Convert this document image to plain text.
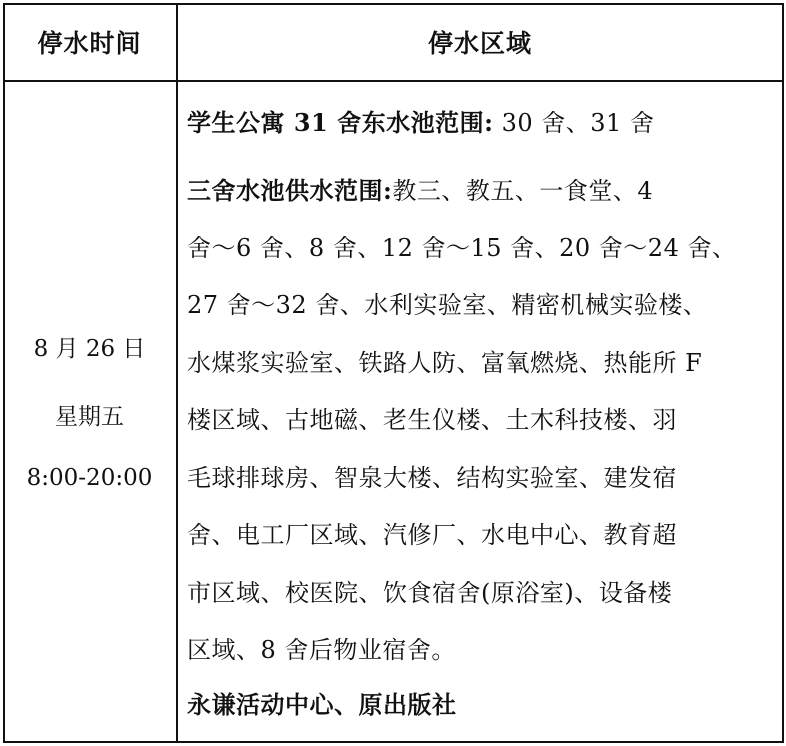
停水时间	停水区域
8 月 26 日
星期五
8:00-20:00
学生公寓 31 舍东水池范围: 30 舍、31 舍
三舍水池供水范围:教三、教五、一食堂、4
舍～6 舍、8 舍、12 舍～15 舍、20 舍～24 舍、
27 舍～32 舍、水利实验室、精密机械实验楼、
水煤浆实验室、铁路人防、富氧燃烧、热能所 F
楼区域、古地磁、老生仪楼、土木科技楼、羽
毛球排球房、智泉大楼、结构实验室、建发宿
舍、电工厂区域、汽修厂、水电中心、教育超
市区域、校医院、饮食宿舍(原浴室)、设备楼
区域、8 舍后物业宿舍。
永谦活动中心、原出版社
